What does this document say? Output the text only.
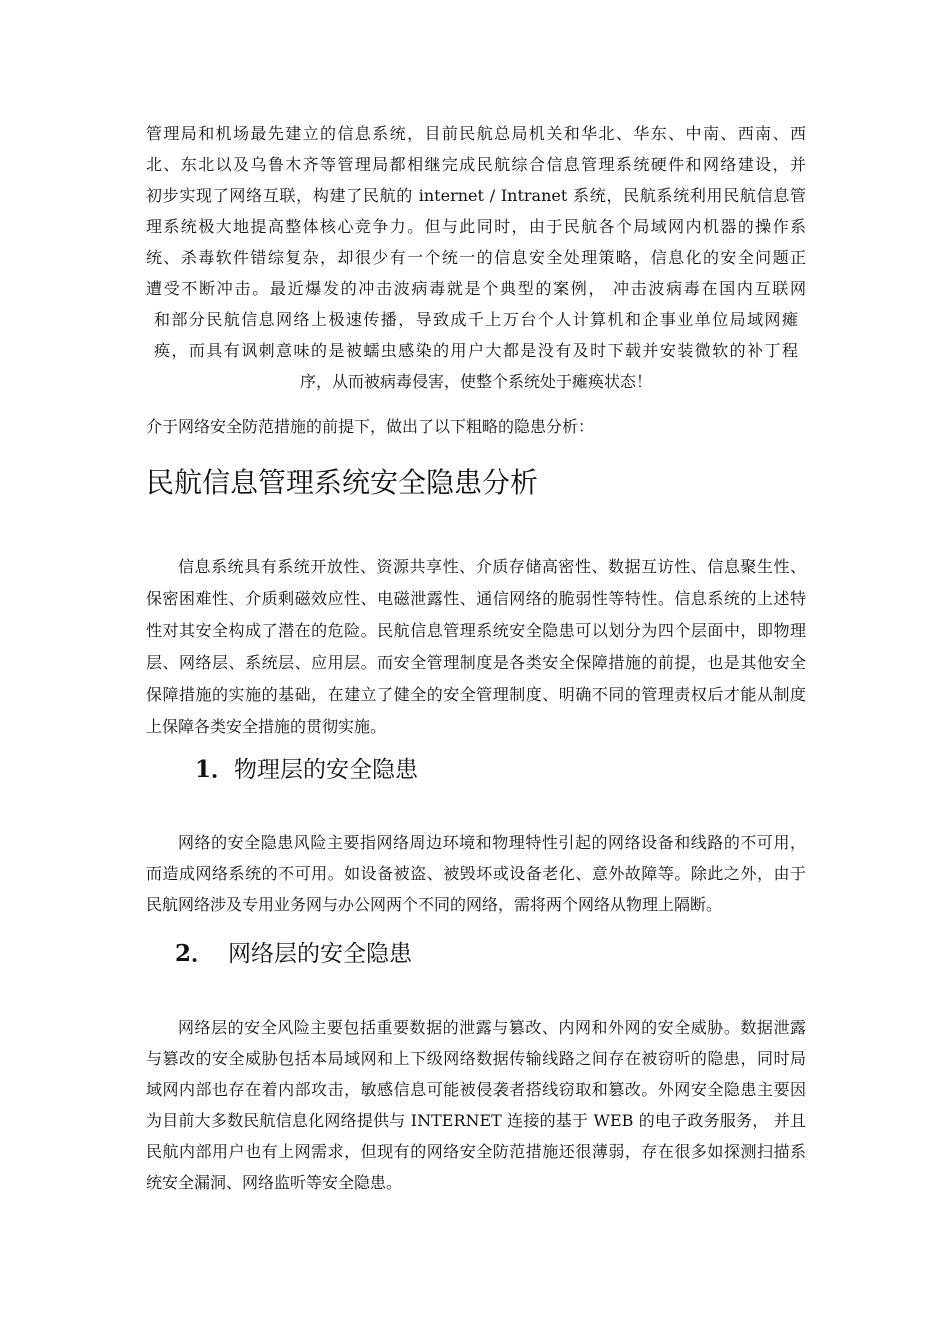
管理局和机场最先建立的信息系统，目前民航总局机关和华北、华东、中南、西南、西
北、东北以及乌鲁木齐等管理局都相继完成民航综合信息管理系统硬件和网络建设，并
初步实现了网络互联，构建了民航的 internet / Intranet 系统，民航系统利用民航信息管
理系统极大地提高整体核心竞争力。但与此同时，由于民航各个局域网内机器的操作系
统、杀毒软件错综复杂，却很少有一个统一的信息安全处理策略，信息化的安全问题正
遭受不断冲击。最近爆发的冲击波病毒就是个典型的案例， 冲击波病毒在国内互联网
和部分民航信息网络上极速传播，导致成千上万台个人计算机和企事业单位局域网瘫
痪，而具有讽刺意味的是被蠕虫感染的用户大都是没有及时下载并安装微软的补丁程
序，从而被病毒侵害，使整个系统处于瘫痪状态！
介于网络安全防范措施的前提下，做出了以下粗略的隐患分析：
民航信息管理系统安全隐患分析
信息系统具有系统开放性、资源共享性、介质存储高密性、数据互访性、信息聚生性、
保密困难性、介质剩磁效应性、电磁泄露性、通信网络的脆弱性等特性。信息系统的上述特
性对其安全构成了潜在的危险。民航信息管理系统安全隐患可以划分为四个层面中，即物理
层、网络层、系统层、应用层。而安全管理制度是各类安全保障措施的前提，也是其他安全
保障措施的实施的基础，在建立了健全的安全管理制度、明确不同的管理责权后才能从制度
上保障各类安全措施的贯彻实施。
1．物理层的安全隐患
网络的安全隐患风险主要指网络周边环境和物理特性引起的网络设备和线路的不可用，
而造成网络系统的不可用。如设备被盗、被毁坏或设备老化、意外故障等。除此之外，由于
民航网络涉及专用业务网与办公网两个不同的网络，需将两个网络从物理上隔断。
2． 网络层的安全隐患
网络层的安全风险主要包括重要数据的泄露与篡改、内网和外网的安全威胁。数据泄露
与篡改的安全威胁包括本局域网和上下级网络数据传输线路之间存在被窃听的隐患，同时局
域网内部也存在着内部攻击，敏感信息可能被侵袭者搭线窃取和篡改。外网安全隐患主要因
为目前大多数民航信息化网络提供与 INTERNET 连接的基于 WEB 的电子政务服务， 并且
民航内部用户也有上网需求，但现有的网络安全防范措施还很薄弱，存在很多如探测扫描系
统安全漏洞、网络监听等安全隐患。
